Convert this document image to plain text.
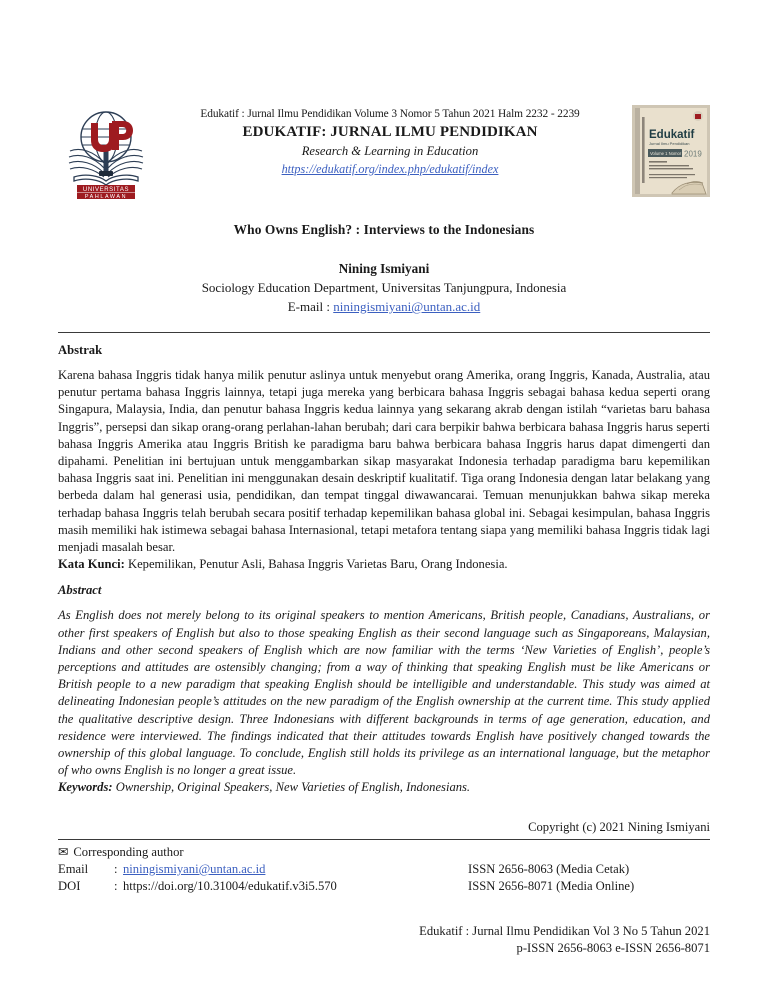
UNIVERSITAS
PAHLAWAN
Edukatif : Jurnal Ilmu Pendidikan Volume 3 Nomor 5 Tahun 2021 Halm 2232 - 2239
EDUKATIF: JURNAL ILMU PENDIDIKAN
Research & Learning in Education
https://edukatif.org/index.php/edukatif/index
Edukatif
Jurnal Ilmu Pendidikan
Volume 1 Nomor 1 2019
Who Owns English? : Interviews to the Indonesians
Nining Ismiyani
Sociology Education Department, Universitas Tanjungpura, Indonesia
E-mail : niningismiyani@untan.ac.id
Abstrak
Karena bahasa Inggris tidak hanya milik penutur aslinya untuk menyebut orang Amerika, orang Inggris, Kanada, Australia, atau penutur pertama bahasa Inggris lainnya, tetapi juga mereka yang berbicara bahasa Inggris sebagai bahasa kedua seperti orang Singapura, Malaysia, India, dan penutur bahasa Inggris kedua lainnya yang sekarang akrab dengan istilah “varietas baru bahasa Inggris”, persepsi dan sikap orang-orang perlahan-lahan berubah; dari cara berpikir bahwa berbicara bahasa Inggris harus seperti bahasa Inggris Amerika atau Inggris British ke paradigma baru bahwa berbicara bahasa Inggris harus dapat dimengerti dan dipahami. Penelitian ini bertujuan untuk menggambarkan sikap masyarakat Indonesia terhadap paradigma baru kepemilikan bahasa Inggris saat ini. Penelitian ini menggunakan desain deskriptif kualitatif. Tiga orang Indonesia dengan latar belakang yang berbeda dalam hal generasi usia, pendidikan, dan tempat tinggal diwawancarai. Temuan menunjukkan bahwa sikap mereka terhadap bahasa Inggris telah berubah secara positif terhadap kepemilikan bahasa global ini. Sebagai kesimpulan, bahasa Inggris masih memiliki hak istimewa sebagai bahasa Internasional, tetapi metafora tentang siapa yang memiliki bahasa Inggris tidak lagi menjadi masalah besar.
Kata Kunci: Kepemilikan, Penutur Asli, Bahasa Inggris Varietas Baru, Orang Indonesia.
Abstract
As English does not merely belong to its original speakers to mention Americans, British people, Canadians, Australians, or other first speakers of English but also to those speaking English as their second language such as Singaporeans, Malaysian, Indians and other second speakers of English which are now familiar with the terms ‘New Varieties of English’, people’s perceptions and attitudes are ostensibly changing; from a way of thinking that speaking English must be like Americans or British people to a new paradigm that speaking English should be intelligible and understandable. This study was aimed at delineating Indonesian people’s attitudes on the new paradigm of the English ownership at the current time. This study applied the qualitative descriptive design. Three Indonesians with different backgrounds in terms of age generation, education, and residence were interviewed. The findings indicated that their attitudes towards English have positively changed towards the ownership of this global language. To conclude, English still holds its privilege as an international language, but the metaphor of who owns English is no longer a great issue.
Keywords: Ownership, Original Speakers, New Varieties of English, Indonesians.
Copyright (c) 2021 Nining Ismiyani
✉ Corresponding author
Email	:	niningismiyani@untan.ac.id	ISSN 2656-8063 (Media Cetak)
DOI	:	https://doi.org/10.31004/edukatif.v3i5.570	ISSN 2656-8071 (Media Online)
Edukatif : Jurnal Ilmu Pendidikan Vol 3 No 5 Tahun 2021
p-ISSN 2656-8063 e-ISSN 2656-8071
